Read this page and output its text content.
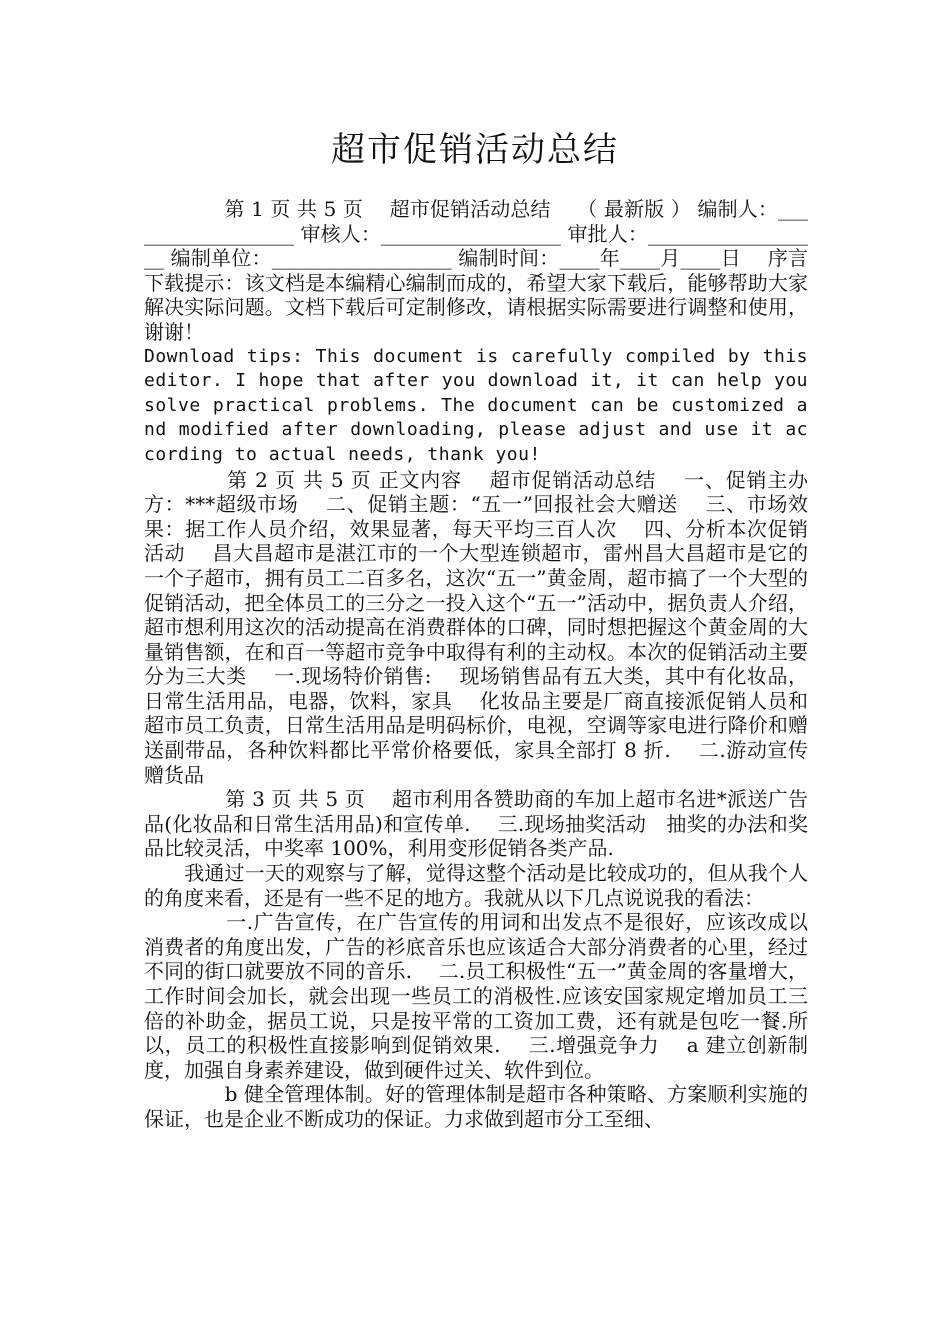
超市促销活动总结

　　　　第 1 页 共 5 页　 超市促销活动总结　 （ 最新版 ） 编制人：__________________ 审核人：__________________ 审批人：__________________ 编制单位：__________________ 编制时间：____年____月____日　 序言　　 下载提示：该文档是本编精心编制而成的，希望大家下载后，能够帮助大家解决实际问题。文档下载后可定制修改，请根据实际需要进行调整和使用，谢谢！

Download tips: This document is carefully compiled by this editor. I hope that after you download it, it can help you solve practical problems. The document can be customized and modified after downloading, please adjust and use it according to actual needs, thank you!

　　　　第 2 页 共 5 页 正文内容　 超市促销活动总结　 一、促销主办方：***超级市场　 二、促销主题：“五一”回报社会大赠送　 三、市场效果：据工作人员介绍，效果显著，每天平均三百人次　 四、分析本次促销活动　 昌大昌超市是湛江市的一个大型连锁超市，雷州昌大昌超市是它的一个子超市，拥有员工二百多名，这次“五一”黄金周，超市搞了一个大型的促销活动，把全体员工的三分之一投入这个“五一”活动中，据负责人介绍，超市想利用这次的活动提高在消费群体的口碑，同时想把握这个黄金周的大量销售额，在和百一等超市竞争中取得有利的主动权。本次的促销活动主要分为三大类　 一.现场特价销售:　 现场销售品有五大类，其中有化妆品，日常生活用品，电器，饮料，家具　 化妆品主要是厂商直接派促销人员和超市员工负责，日常生活用品是明码标价，电视，空调等家电进行降价和赠送副带品，各种饮料都比平常价格要低，家具全部打 8 折.　 二.游动宣传赠货品

　　　　第 3 页 共 5 页　 超市利用各赞助商的车加上超市名进*派送广告品(化妆品和日常生活用品)和宣传单.　 三.现场抽奖活动　抽奖的办法和奖品比较灵活，中奖率 100%，利用变形促销各类产品.

　　我通过一天的观察与了解，觉得这整个活动是比较成功的，但从我个人的角度来看，还是有一些不足的地方。我就从以下几点说说我的看法：

　　　　一.广告宣传，在广告宣传的用词和出发点不是很好，应该改成以消费者的角度出发，广告的衫底音乐也应该适合大部分消费者的心里，经过不同的街口就要放不同的音乐.　 二.员工积极性“五一”黄金周的客量增大，工作时间会加长，就会出现一些员工的消极性.应该安国家规定增加员工三倍的补助金，据员工说，只是按平常的工资加工费，还有就是包吃一餐.所以，员工的积极性直接影响到促销效果.　 三.增强竞争力　 a 建立创新制度，加强自身素养建设，做到硬件过关、软件到位。

　　　　b 健全管理体制。好的管理体制是超市各种策略、方案顺利实施的保证，也是企业不断成功的保证。力求做到超市分工至细、
